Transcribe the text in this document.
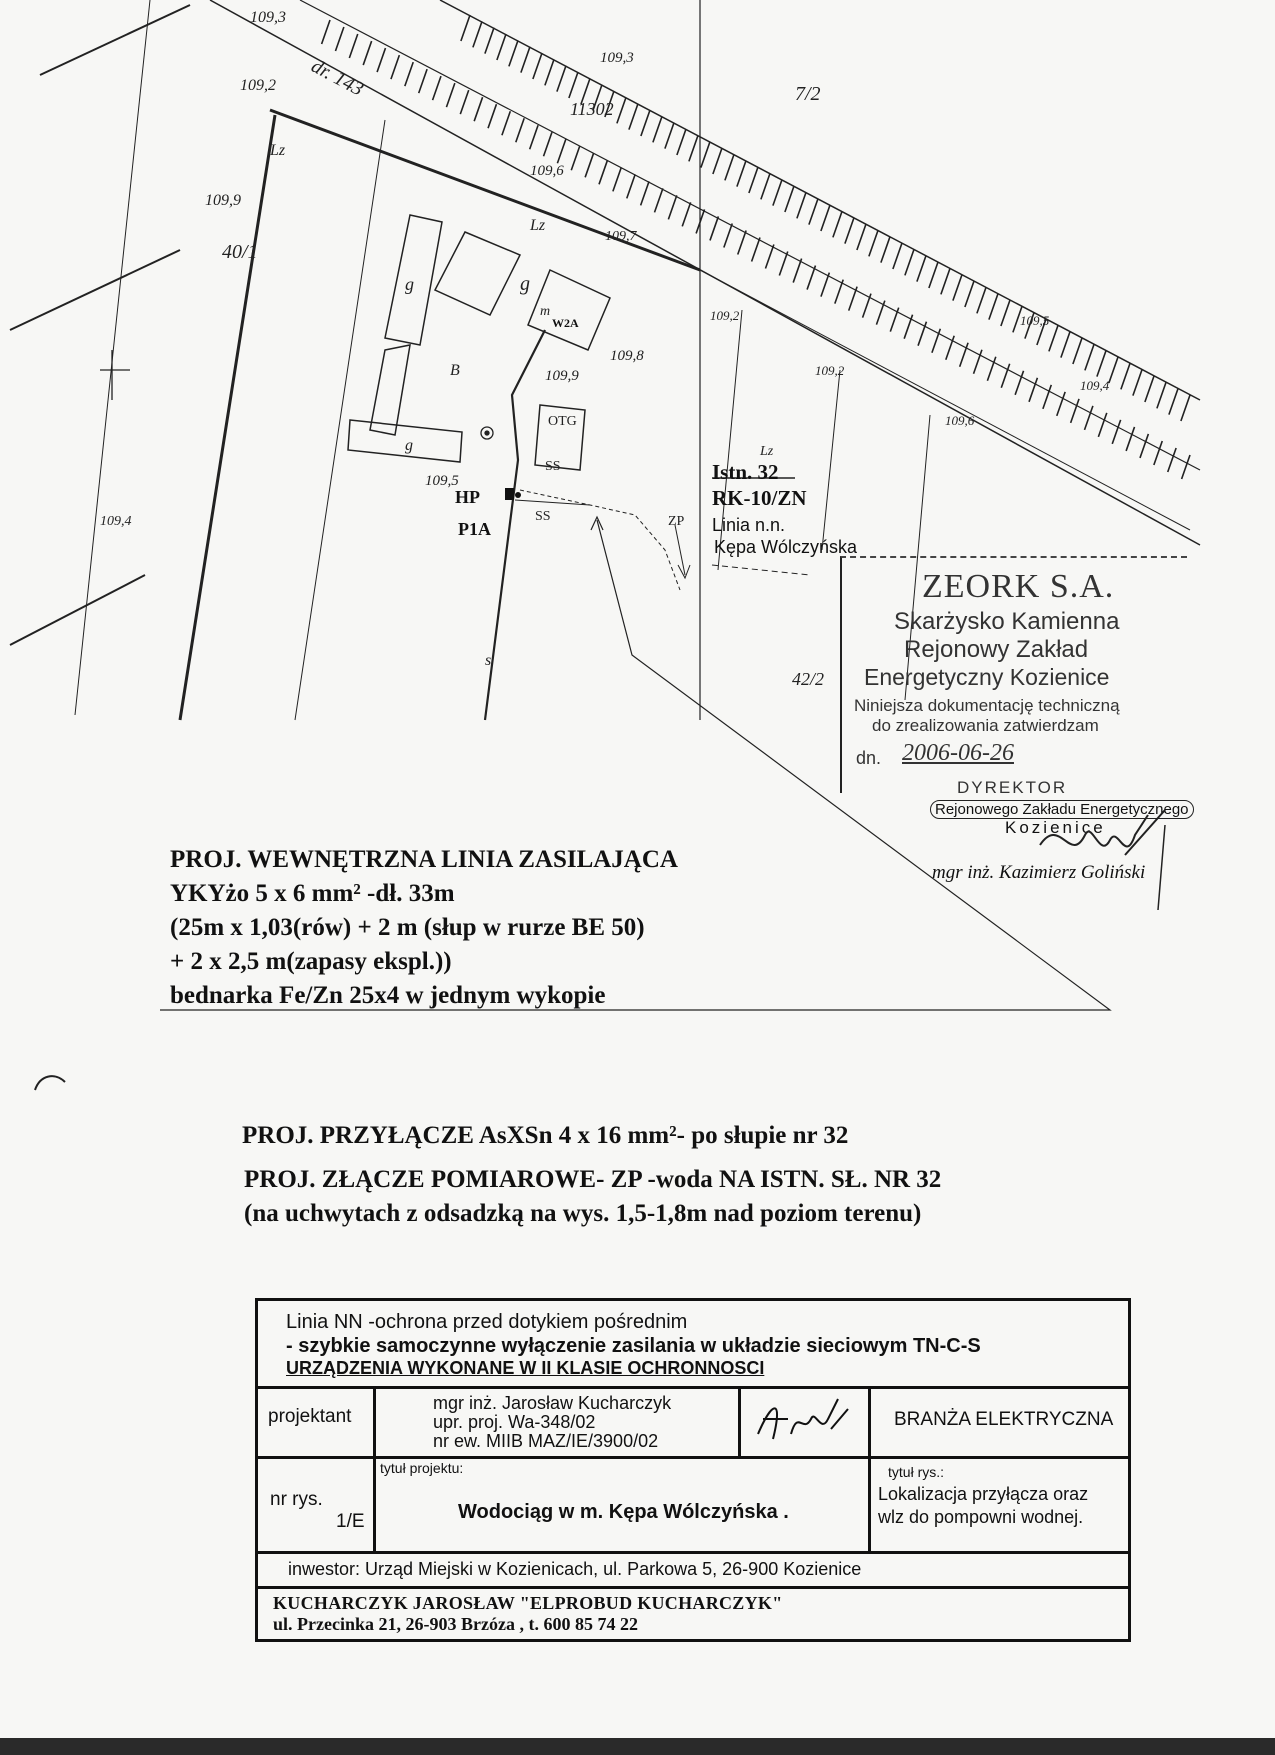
109,3
109,2
109,9
109,3
109,6
109,9
109,4
109,5
109,7
109,8
109,2
109,2
109,5
109,6
109,4
dr. 143
11302
7/2
40/1
42/2
g	g
g
B
m
Lz
Lz
Lz
SS
SS
OTG
ZP
s
W2A
HP
P1A
Istn. 32
RK-10/ZN
Linia n.n.
Kępa Wólczyńska
ZEORK S.A.
Skarżysko Kamienna
Rejonowy Zakład
Energetyczny Kozienice
Niniejsza dokumentację techniczną
do zrealizowania zatwierdzam
dn. 2006-06-26
DYREKTOR
Rejonowego Zakładu Energetycznego
Kozienice
mgr inż. Kazimierz Goliński
PROJ. WEWNĘTRZNA LINIA ZASILAJĄCA
YKYżo 5 x 6 mm² -dł. 33m
(25m x 1,03(rów) + 2 m (słup w rurze BE 50)
+ 2 x 2,5 m(zapasy ekspl.))
bednarka Fe/Zn 25x4 w jednym wykopie
PROJ. PRZYŁĄCZE AsXSn 4 x 16 mm²- po słupie nr 32
PROJ. ZŁĄCZE POMIAROWE- ZP -woda NA ISTN. SŁ. NR 32
(na uchwytach z odsadzką na wys. 1,5-1,8m nad poziom terenu)
Linia NN -ochrona przed dotykiem pośrednim
- szybkie samoczynne wyłączenie zasilania w układzie sieciowym TN-C-S
URZĄDZENIA WYKONANE W II KLASIE OCHRONNOSCI
projektant
mgr inż. Jarosław Kucharczyk
upr. proj. Wa-348/02
nr ew. MIIB MAZ/IE/3900/02
BRANŻA ELEKTRYCZNA
nr rys.
1/E
tytuł projektu:
Wodociąg w m. Kępa Wólczyńska .
tytuł rys.:
Lokalizacja przyłącza oraz
wlz do pompowni wodnej.
inwestor: Urząd Miejski w Kozienicach, ul. Parkowa 5, 26-900 Kozienice
KUCHARCZYK JAROSŁAW "ELPROBUD KUCHARCZYK"
ul. Przecinka 21, 26-903 Brzóza , t. 600 85 74 22
